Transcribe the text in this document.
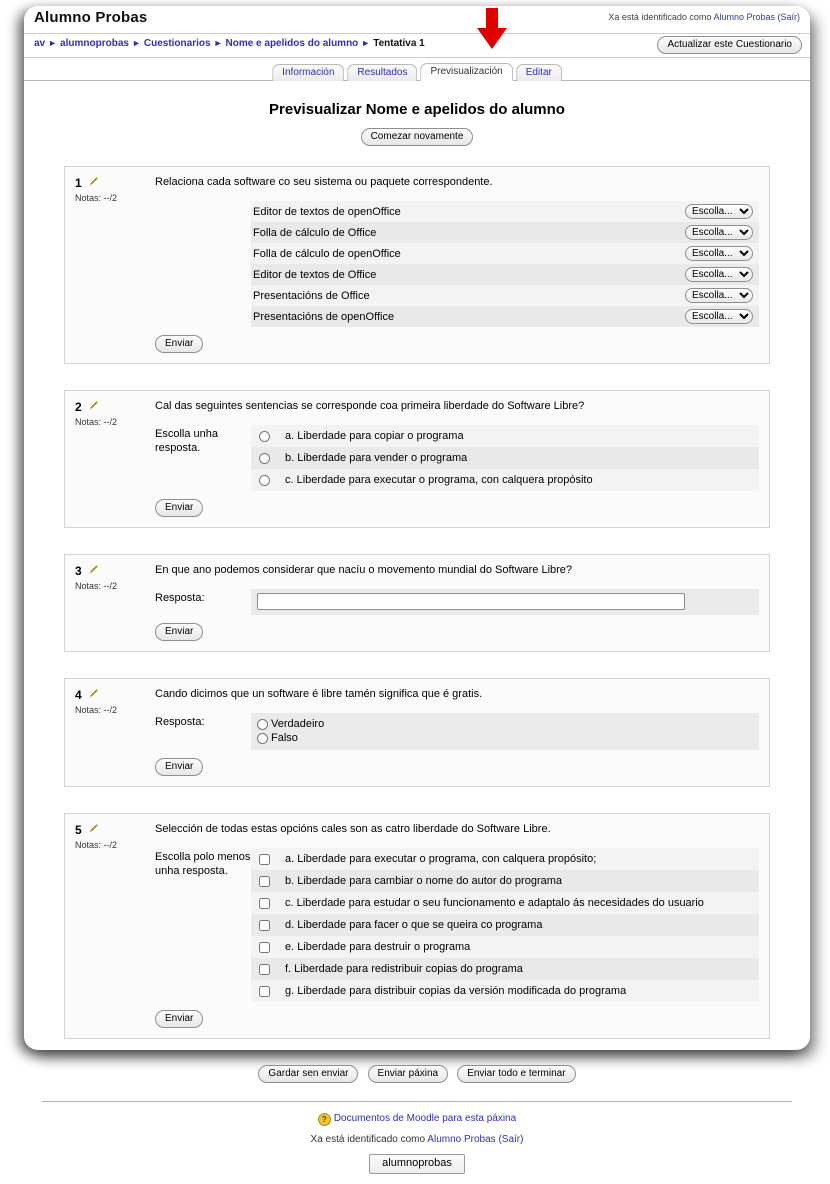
Alumno Probas	Xa está identificado como Alumno Probas (Saír)
av ► alumnoprobas ► Cuestionarios ► Nome e apelidos do alumno ► Tentativa 1	Actualizar este Cuestionario
Información	Resultados	Previsualización	Editar
Previsualizar Nome e apelidos do alumno
Comezar novamente
1
Notas: --/2
Relaciona cada software co seu sistema ou paquete correspondente.
Editor de textos de openOffice
Escolla...
Folla de cálculo de Office
Escolla...
Folla de cálculo de openOffice
Escolla...
Editor de textos de Office
Escolla...
Presentacións de Office
Escolla...
Presentacións de openOffice
Escolla...
Enviar
2
Notas: --/2
Cal das seguintes sentencias se corresponde coa primeira liberdade do Software Libre?
Escolla unha resposta.
a. Liberdade para copiar o programa
b. Liberdade para vender o programa
c. Liberdade para executar o programa, con calquera propósito
Enviar
3
Notas: --/2
En que ano podemos considerar que nacíu o movemento mundial do Software Libre?
Resposta:
Enviar
4
Notas: --/2
Cando dicimos que un software é libre tamén significa que é gratis.
Resposta:	Verdadeiro
Falso
Enviar
5
Notas: --/2
Selección de todas estas opcións cales son as catro liberdade do Software Libre.
Escolla polo menos unha resposta.
a. Liberdade para executar o programa, con calquera propósito;
b. Liberdade para cambiar o nome do autor do programa
c. Liberdade para estudar o seu funcionamento e adaptalo ás necesidades do usuario
d. Liberdade para facer o que se queira co programa
e. Liberdade para destruir o programa
f. Liberdade para redistribuir copias do programa
g. Liberdade para distribuir copias da versión modificada do programa
Enviar
Gardar sen enviar	Enviar páxina	Enviar todo e terminar
? Documentos de Moodle para esta páxina
Xa está identificado como Alumno Probas (Saír)
alumnoprobas
